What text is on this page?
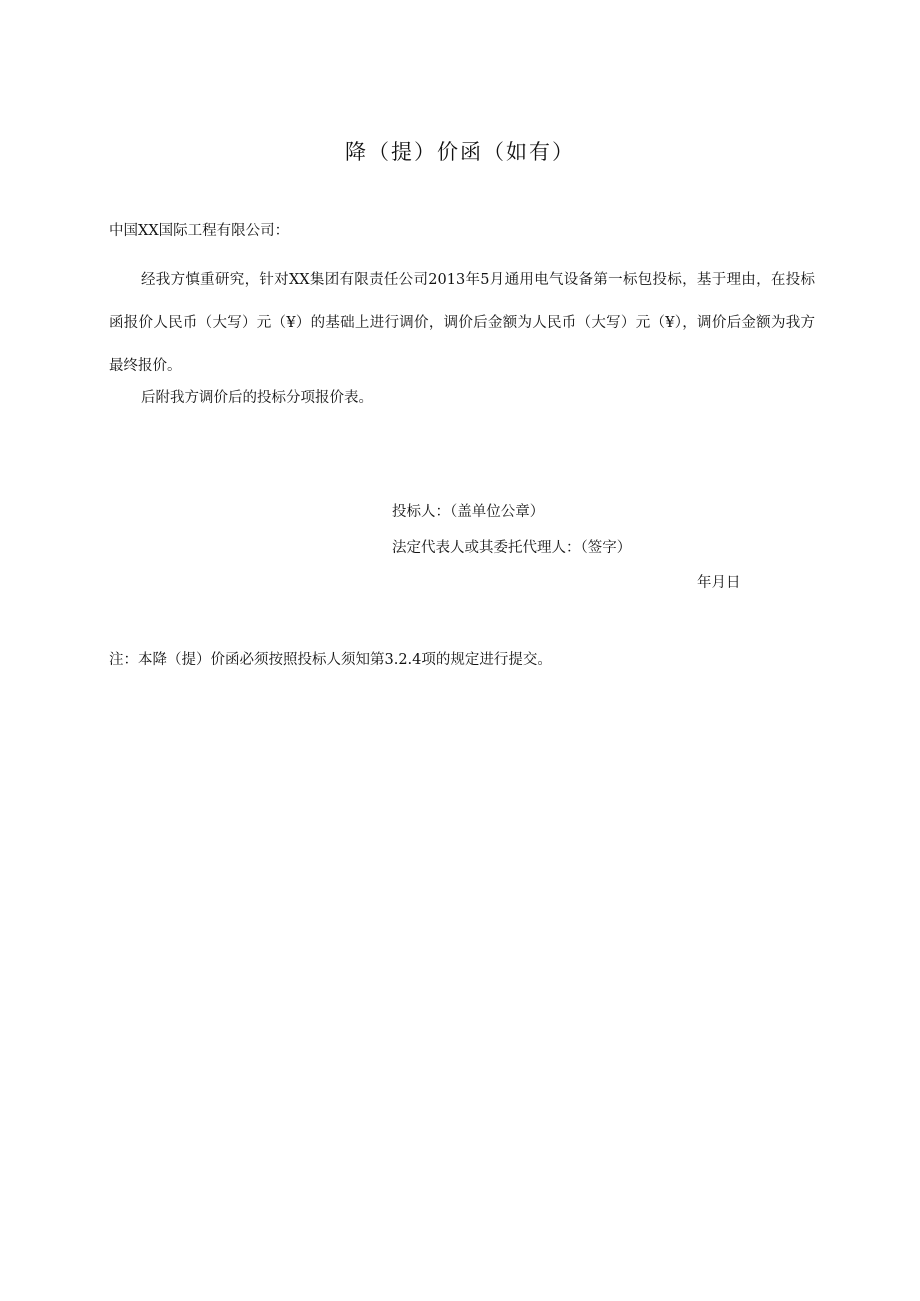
降（提）价函（如有）
中国XX国际工程有限公司：

经我方慎重研究，针对XX集团有限责任公司2013年5月通用电气设备第一标包投标，基于理由，在投标函报价人民币（大写）元（¥）的基础上进行调价，调价后金额为人民币（大写）元（¥），调价后金额为我方最终报价。

后附我方调价后的投标分项报价表。
投标人：（盖单位公章）
法定代表人或其委托代理人：（签字）
年月日
注：本降（提）价函必须按照投标人须知第3.2.4项的规定进行提交。
